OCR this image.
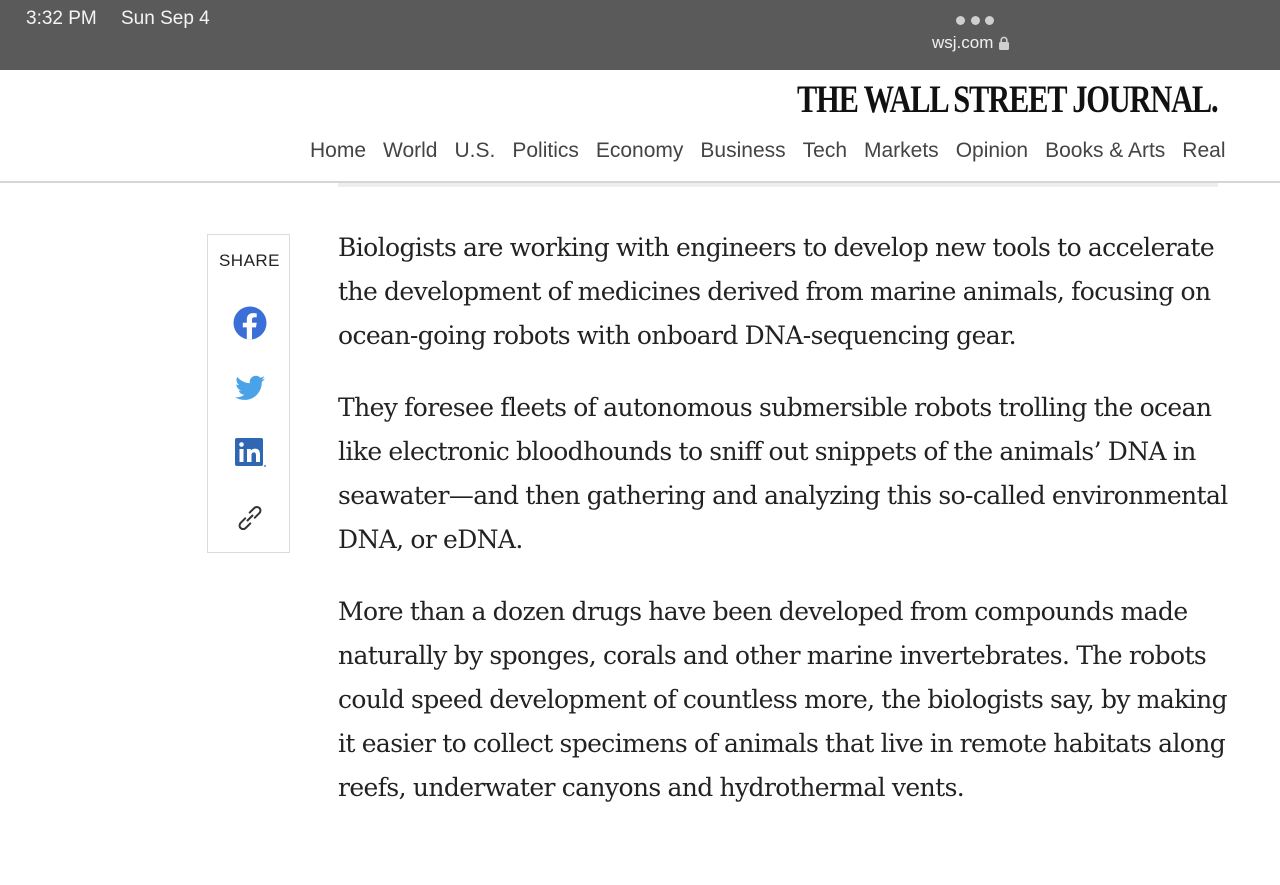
3:32 PM Sun Sep 4
wsj.com
THE WALL STREET JOURNAL.
Home World U.S. Politics Economy Business Tech Markets Opinion Books & Arts Real
SHARE	Biologists are working with engineers to develop new tools to accelerate the development of medicines derived from marine animals, focusing on ocean-going robots with onboard DNA-sequencing gear.

They foresee fleets of autonomous submersible robots trolling the ocean like electronic bloodhounds to sniff out snippets of the animals’ DNA in seawater—and then gathering and analyzing this so-called environmental DNA, or eDNA.

More than a dozen drugs have been developed from compounds made naturally by sponges, corals and other marine invertebrates. The robots could speed development of countless more, the biologists say, by making it easier to collect specimens of animals that live in remote habitats along reefs, underwater canyons and hydrothermal vents.
